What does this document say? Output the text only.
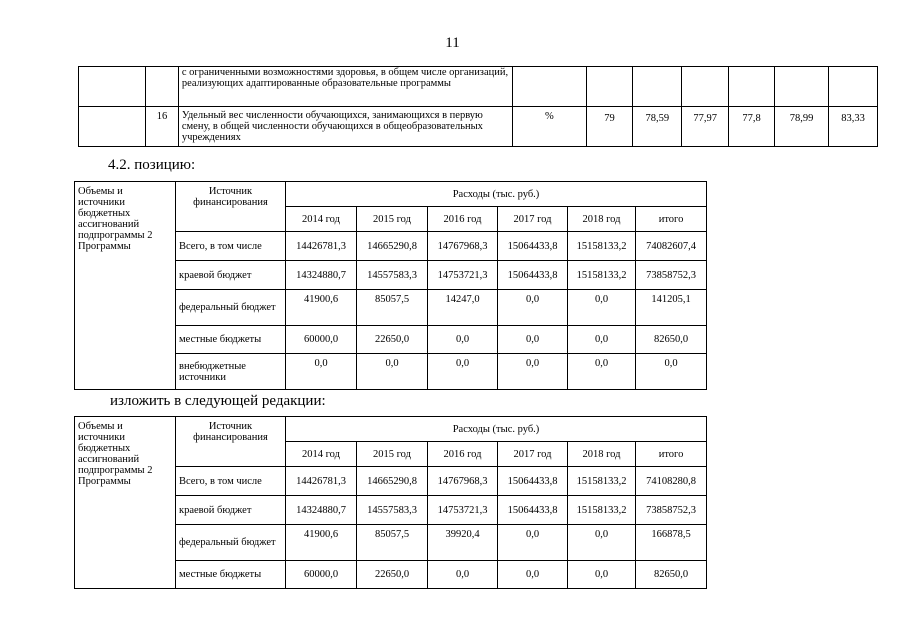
11
		с ограниченными возможностями здоровья, в общем числе организаций, реализующих адаптированные образовательные программы							
	16	Удельный вес численности обучающихся, занимающихся в первую смену, в общей численности обучающихся в общеобразовательных учреждениях	%	79	78,59	77,97	77,8	78,99	83,33
4.2. позицию:
Объемы и источники бюджетных ассигнований подпрограммы 2 Программы	Источник финансирования	Расходы (тыс. руб.)					
		2014 год	2015 год	2016 год	2017 год	2018 год	итого
	Всего, в том числе	14426781,3	14665290,8	14767968,3	15064433,8	15158133,2	74082607,4
	краевой бюджет	14324880,7	14557583,3	14753721,3	15064433,8	15158133,2	73858752,3
	федеральный бюджет	41900,6	85057,5	14247,0	0,0	0,0	141205,1
	местные бюджеты	60000,0	22650,0	0,0	0,0	0,0	82650,0
	внебюджетные источники	0,0	0,0	0,0	0,0	0,0	0,0
изложить в следующей редакции:
Объемы и источники бюджетных ассигнований подпрограммы 2 Программы	Источник финансирования	Расходы (тыс. руб.)					
		2014 год	2015 год	2016 год	2017 год	2018 год	итого
	Всего, в том числе	14426781,3	14665290,8	14767968,3	15064433,8	15158133,2	74108280,8
	краевой бюджет	14324880,7	14557583,3	14753721,3	15064433,8	15158133,2	73858752,3
	федеральный бюджет	41900,6	85057,5	39920,4	0,0	0,0	166878,5
	местные бюджеты	60000,0	22650,0	0,0	0,0	0,0	82650,0
